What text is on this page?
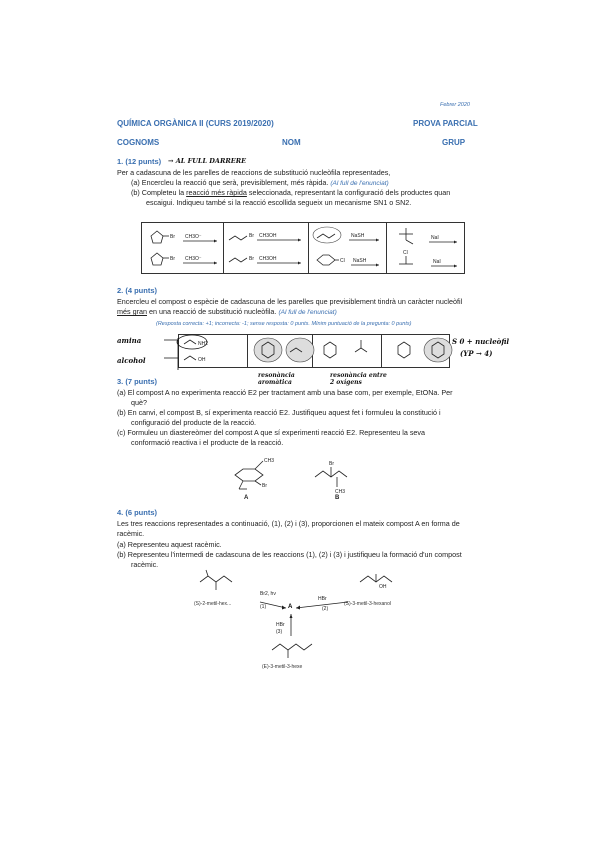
Febrer 2020
QUÍMICA ORGÀNICA II (CURS 2019/2020)	PROVA PARCIAL
COGNOMS	NOM	GRUP
1. (12 punts) → AL FULL DARRERE
Per a cadascuna de les parelles de reaccions de substitució nucleòfila representades,
(a) Encercleu la reacció que serà, previsiblement, més ràpida. (Al full de l'enunciat)
(b) Completeu la reacció més ràpida seleccionada, representant la configuració dels productes quan
escaigui. Indiqueu també si la reacció escollida segueix un mecanisme SN1 o SN2.
Br CH3O⁻
Br CH3O⁻
Br CH3OH
Br CH3OH
NaSH
Cl NaSH
NaI
Cl
NaI
2. (4 punts)
Encercleu el compost o espècie de cadascuna de les parelles que previsiblement tindrà un caràcter nucleòfil
més gran en una reacció de substitució nucleòfila. (Al full de l'enunciat)
(Resposta correcta: +1; incorrecta: -1; sense resposta: 0 punts. Mínim puntuació de la pregunta: 0 punts)
amina
alcohol
resonància aromàtica
resonància entre 2 oxígens
S 0 + nucleòfil
(YP → 4)
NH2
OH
3. (7 punts)
(a) El compost A no experimenta reacció E2 per tractament amb una base com, per exemple, EtONa. Per
què?
(b) En canvi, el compost B, sí experimenta reacció E2. Justifiqueu aquest fet i formuleu la constitució i
configuració del producte de la reacció.
(c) Formuleu un diastereòmer del compost A que sí experimenti reacció E2. Representeu la seva
conformació reactiva i el producte de la reacció.
CH3
Br
Br
CH3
A	B
4. (6 punts)
Les tres reaccions representades a continuació, (1), (2) i (3), proporcionen el mateix compost A en forma de
racèmic.
(a) Representeu aquest racèmic.
(b) Representeu l'intermedi de cadascuna de les reaccions (1), (2) i (3) i justifiqueu la formació d'un compost
racèmic.
OH
Br2, hν
(1)
HBr
(2)
A
HBr
(3)
(S)-2-metil-hex...	(S)-3-metil-3-hexanol
(E)-3-metil-3-hexe
